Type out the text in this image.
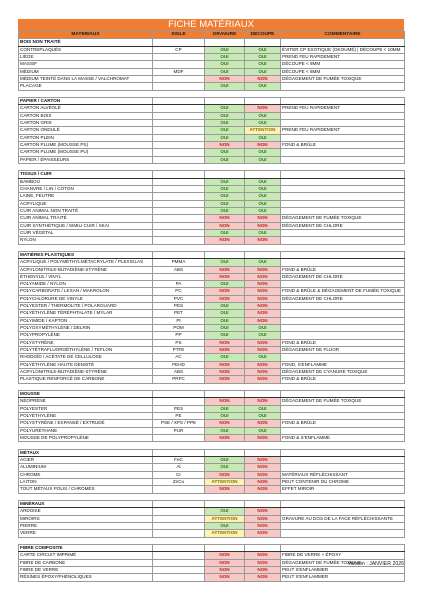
FICHE MATÉRIAUX
MATÉRIAUX	SIGLE	GRAVURE	DÉCOUPE	COMMENTAIRE
BOIS NON TRAITÉ				
CONTREPLAQUÉS	CP	OUI	OUI	ÉVITER CP EXOTIQUE (OKOUMÉ) | DÉCOUPE < 10MM
LIÈGE		OUI	OUI	PREND FEU RAPIDEMENT
MASSIF		OUI	OUI	DÉCOUPE < 8MM
MÉDIUM	MDF	OUI	OUI	DÉCOUPE < 8MM
MÉDIUM TEINTÉ DANS LA MASSE / VALCHROMAT		NON	NON	DÉGAGEMENT DE FUMÉE TOXIQUE
PLACAGE		OUI	OUI	

PAPIER / CARTON				
CARTON ALVÉOLÉ		OUI	NON	PREND FEU RAPIDEMENT
CARTON BOIS		OUI	OUI	
CARTON GRIS		OUI	OUI	
CARTON ONDULÉ		OUI	ATTENTION	PREND FEU RAPIDEMENT
CARTON PLEIN		OUI	OUI	
CARTON PLUME (MOUSSE PS)		NON	NON	FOND & BRÛLE
CARTON PLUME (MOUSSE PU)		OUI	OUI	
PAPIER / ÉPAISSEURS		OUI	OUI	

TISSUS / CUIR				
BAMBOU		OUI	OUI	
CHANVRE / LIN / COTON		OUI	OUI	
LAINE, FEUTRE		OUI	OUI	
ACRYLIQUE		OUI	OUI	
CUIR ANIMAL NON TRAITÉ		OUI	OUI	
CUIR ANIMAL TRAITÉ		NON	NON	DÉGAGEMENT DE FUMÉE TOXIQUE
CUIR SYNTHÉTIQUE / SIMILI CUIR / SKAI		NON	NON	DÉGAGEMENT DE CHLORE
CUIR VÉGÉTAL		OUI	OUI	
NYLON		NON	NON	

MATIÈRES PLASTIQUES				
ACRYLIQUE / POLYMÉTHYLMÉTACRYLATE / PLEXIGLAS	PMMA	OUI	OUI	
ACRYLONITRILE-BUTADIÈNE-STYRÈNE	ABS	NON	NON	FOND & BRÛLE
ÉTHENYLE / VINYL		NON	NON	DÉGAGEMENT DE CHLORE
POLYAMIDE / NYLON	PA	OUI	NON	
POLYCARBONATE / LEXAN / MAKROLON	PC	NON	NON	FOND & BRÛLE & DÉGAGEMENT DE FUMÉE TOXIQUE
POLYCHLORURE DE VINYLE	PVC	NON	NON	DÉGAGEMENT DE CHLORE
POLYESTER / THERMOLITE / POLARGUARD	PES	OUI	NON	
POLYÉTHYLÈNE TÉRÉPHTALATE / MYLAR	PET	OUI	NON	
POLYIMIDE / KAPTON	PI	OUI	NON	
POLYOXYMÉTHYLÈNE / DELRIN	POM	OUI	OUI	
POLYPROPYLÈNE	PP	OUI	OUI	
POLYSTYRÈNE	PS	NON	NON	FOND & BRÛLE
POLYTÉTRAFLUOROÉTHYLÈNE / TEFLON	PTFE	NON	NON	DÉGAGEMENT DE FLUOR
RHODOÏD / ACÉTATE DE CELLULOSE	AC	OUI	OUI	
POLYÉTHYLÈNE HAUTE DENSITÉ	PEHD	NON	NON	FOND, S'ENFLAMME
ACRYLONITRILE-BUTADIÈNE-STYRÈNE	ABS	NON	NON	DÉGAGEMENT DE CYANURE TOXIQUE
PLASTIQUE RENFORCÉ DE CARBONE	PRFC	NON	NON	FOND & BRÛLE

MOUSSE				
NÉOPRÈNE		NON	NON	DÉGAGEMENT DE FUMÉE TOXIQUE
POLYESTER	PES	OUI	OUI	
POLYÉTHYLÈNE	PE	OUI	OUI	
POLYSTYRÈNE / EXPANSÉ / EXTRUDÉ	PSE / XPS / PPE	NON	NON	FOND & BRÛLE
POLYURÉTHANE	PUR	OUI	OUI	
MOUSSE DE POLYPROPYLÈNE		NON	NON	FOND & S'ENFLAMME

MÉTAUX				
ACIER	FeC	OUI	NON	
ALUMINIUM	Al	OUI	NON	
CHROME	Cr	NON	NON	MATÉRIAUX RÉFLÉCHISSANT
LAITON	ZnCu	ATTENTION	NON	PEUT CONTENIR DU CHROME
TOUT MÉTAUX POLIS / CHROMÉS		NON	NON	EFFET MIROIR

MINÉRAUX				
ARDOISE		OUI	NON	
MIROIRS		ATTENTION	NON	GRAVURE AU DOS DE LA FACE RÉFLÉCHISSANTE
PIERRE		OUI	NON	
VERRE		ATTENTION	NON	

FIBRE COMPOSITE				
CARTE CIRCUIT IMPRIMÉ		NON	NON	FIBRE DE VERRE + ÉPOXY
FIBRE DE CARBONE		NON	NON	DÉGAGEMENT DE FUMÉE TOXIQUE
FIBRE DE VERRE		NON	NON	PEUT S'ENFLAMMER
RÉSINES ÉPOXY/PHÉNOLIQUES		NON	NON	PEUT S'ENFLAMMER
Version : JANVIER 2026
